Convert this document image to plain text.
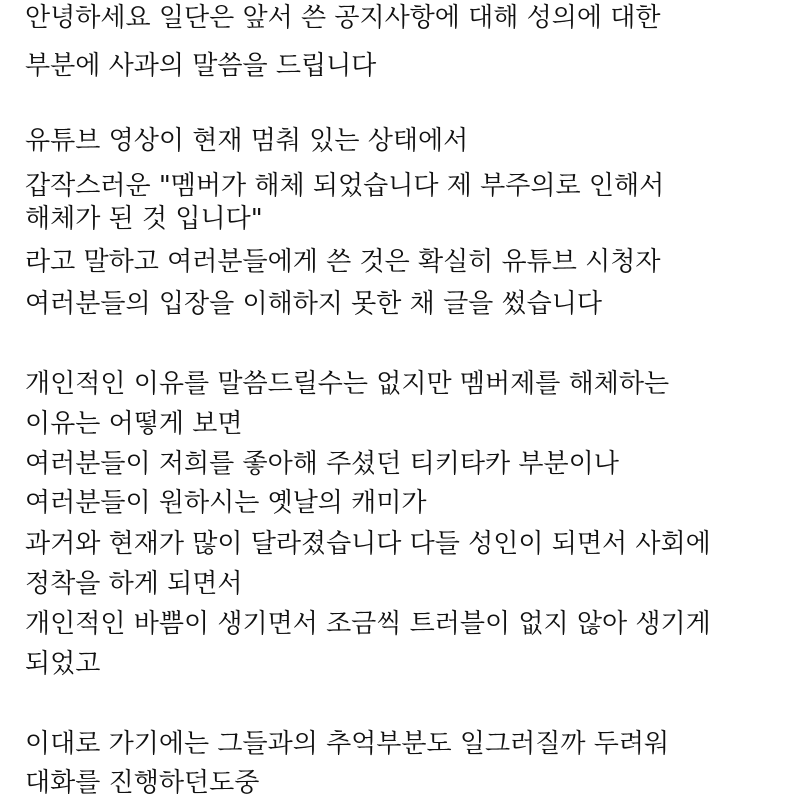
안녕하세요 일단은 앞서 쓴 공지사항에 대해 성의에 대한
부분에 사과의 말씀을 드립니다
유튜브 영상이 현재 멈춰 있는 상태에서
갑작스러운 "멤버가 해체 되었습니다 제 부주의로 인해서
해체가 된 것 입니다"
라고 말하고 여러분들에게 쓴 것은 확실히 유튜브 시청자
여러분들의 입장을 이해하지 못한 채 글을 썼습니다
개인적인 이유를 말씀드릴수는 없지만 멤버제를 해체하는
이유는 어떻게 보면
여러분들이 저희를 좋아해 주셨던 티키타카 부분이나
여러분들이 원하시는 옛날의 캐미가
과거와 현재가 많이 달라졌습니다 다들 성인이 되면서 사회에
정착을 하게 되면서
개인적인 바쁨이 생기면서 조금씩 트러블이 없지 않아 생기게
되었고
이대로 가기에는 그들과의 추억부분도 일그러질까 두려워
대화를 진행하던도중
